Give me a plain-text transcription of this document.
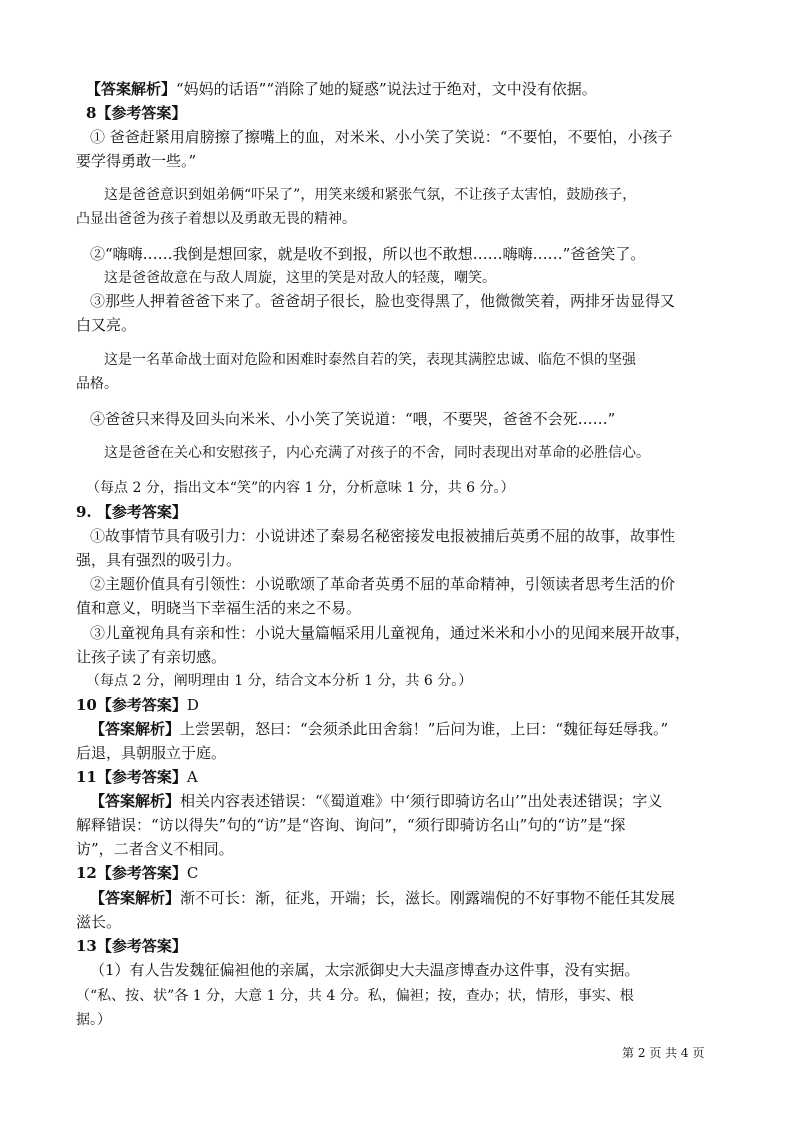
【答案解析】“妈妈的话语”“消除了她的疑惑”说法过于绝对，文中没有依据。
8【参考答案】
① 爸爸赶紧用肩膀擦了擦嘴上的血，对米米、小小笑了笑说：“不要怕，不要怕，小孩子
要学得勇敢一些。”
这是爸爸意识到姐弟俩“吓呆了”，用笑来缓和紧张气氛，不让孩子太害怕，鼓励孩子，
凸显出爸爸为孩子着想以及勇敢无畏的精神。
②“嗨嗨……我倒是想回家，就是收不到报，所以也不敢想……嗨嗨……”爸爸笑了。
这是爸爸故意在与敌人周旋，这里的笑是对敌人的轻蔑，嘲笑。
③那些人押着爸爸下来了。爸爸胡子很长，脸也变得黑了，他微微笑着，两排牙齿显得又
白又亮。
这是一名革命战士面对危险和困难时泰然自若的笑，表现其满腔忠诚、临危不惧的坚强
品格。
④爸爸只来得及回头向米米、小小笑了笑说道：“喂，不要哭，爸爸不会死……”
这是爸爸在关心和安慰孩子，内心充满了对孩子的不舍，同时表现出对革命的必胜信心。
（每点 2 分，指出文本“笑”的内容 1 分，分析意味 1 分，共 6 分。）
9. 【参考答案】
①故事情节具有吸引力：小说讲述了秦易名秘密接发电报被捕后英勇不屈的故事，故事性
强，具有强烈的吸引力。
②主题价值具有引领性：小说歌颂了革命者英勇不屈的革命精神，引领读者思考生活的价
值和意义，明晓当下幸福生活的来之不易。
③儿童视角具有亲和性：小说大量篇幅采用儿童视角，通过米米和小小的见闻来展开故事，
让孩子读了有亲切感。
（每点 2 分，阐明理由 1 分，结合文本分析 1 分，共 6 分。）
10【参考答案】D
【答案解析】上尝罢朝，怒曰：“会须杀此田舍翁！”后问为谁，上曰：“魏征每廷辱我。”
后退，具朝服立于庭。
11【参考答案】A
【答案解析】相关内容表述错误：“《蜀道难》中‘须行即骑访名山’”出处表述错误；字义
解释错误：“访以得失”句的“访”是“咨询、询问”，“须行即骑访名山”句的“访”是“探
访”，二者含义不相同。
12【参考答案】C
【答案解析】渐不可长：渐，征兆，开端；长，滋长。刚露端倪的不好事物不能任其发展
滋长。
13【参考答案】
（1）有人告发魏征偏袒他的亲属，太宗派御史大夫温彦博查办这件事，没有实据。
（“私、按、状”各 1 分，大意 1 分，共 4 分。私，偏袒；按，查办；状，情形，事实、根
据。）
第 2 页 共 4 页
